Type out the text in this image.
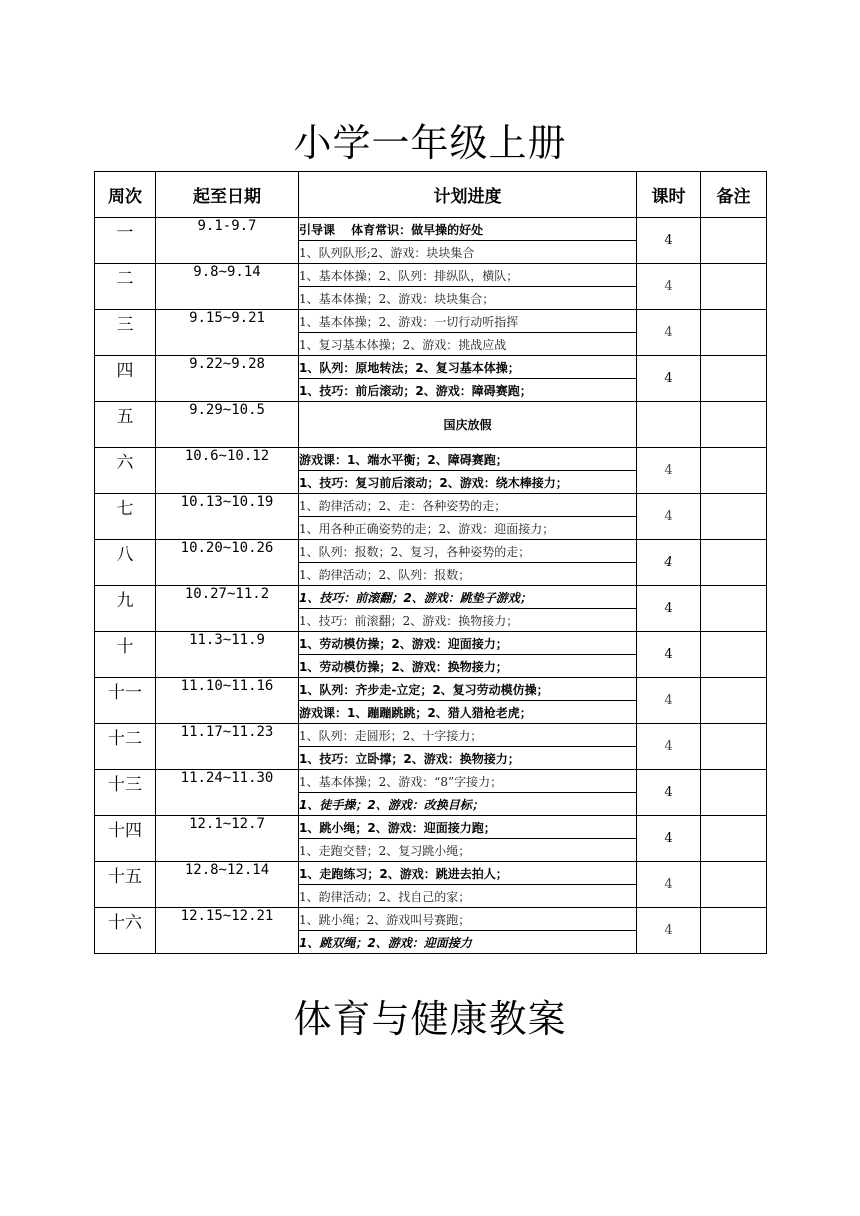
小学一年级上册
周次	起至日期	计划进度	课时	备注
一	9.1-9.7	引导课　 体育常识：做早操的好处	4	
		1、队列队形;2、游戏：块块集合		
二	9.8~9.14	1、基本体操；2、队列：排纵队，横队；	4	
		1、基本体操；2、游戏：块块集合；		
三	9.15~9.21	1、基本体操；2、游戏：一切行动听指挥	4	
		1、复习基本体操；2、游戏：挑战应战		
四	9.22~9.28	1、队列：原地转法；2、复习基本体操；	4	
		1、技巧：前后滚动；2、游戏：障碍赛跑；		
五	9.29~10.5	国庆放假		
六	10.6~10.12	游戏课：1、端水平衡；2、障碍赛跑；	4	
		1、技巧：复习前后滚动；2、游戏：绕木棒接力；		
七	10.13~10.19	1、韵律活动；2、走：各种姿势的走；	4	
		1、用各种正确姿势的走；2、游戏：迎面接力；		
八	10.20~10.26	1、队列：报数；2、复习，各种姿势的走；	4	
		1、韵律活动；2、队列：报数；		
九	10.27~11.2	1、技巧：前滚翻；2、游戏：跳垫子游戏；	4	
		1、技巧：前滚翻；2、游戏：换物接力；		
十	11.3~11.9	1、劳动模仿操；2、游戏：迎面接力；	4	
		1、劳动模仿操；2、游戏：换物接力；		
十一	11.10~11.16	1、队列：齐步走-立定；2、复习劳动模仿操；	4	
		游戏课：1、蹦蹦跳跳；2、猎人猎枪老虎；		
十二	11.17~11.23	1、队列：走圆形；2、十字接力；	4	
		1、技巧：立卧撑；2、游戏：换物接力；		
十三	11.24~11.30	1、基本体操；2、游戏：“8”字接力；	4	
		1、徒手操；2、游戏：改换目标；		
十四	12.1~12.7	1、跳小绳；2、游戏：迎面接力跑；	4	
		1、走跑交替；2、复习跳小绳；		
十五	12.8~12.14	1、走跑练习；2、游戏：跳进去拍人；	4	
		1、韵律活动；2、找自己的家；		
十六	12.15~12.21	1、跳小绳；2、游戏叫号赛跑；	4	
		1、跳双绳；2、游戏：迎面接力		
体育与健康教案
